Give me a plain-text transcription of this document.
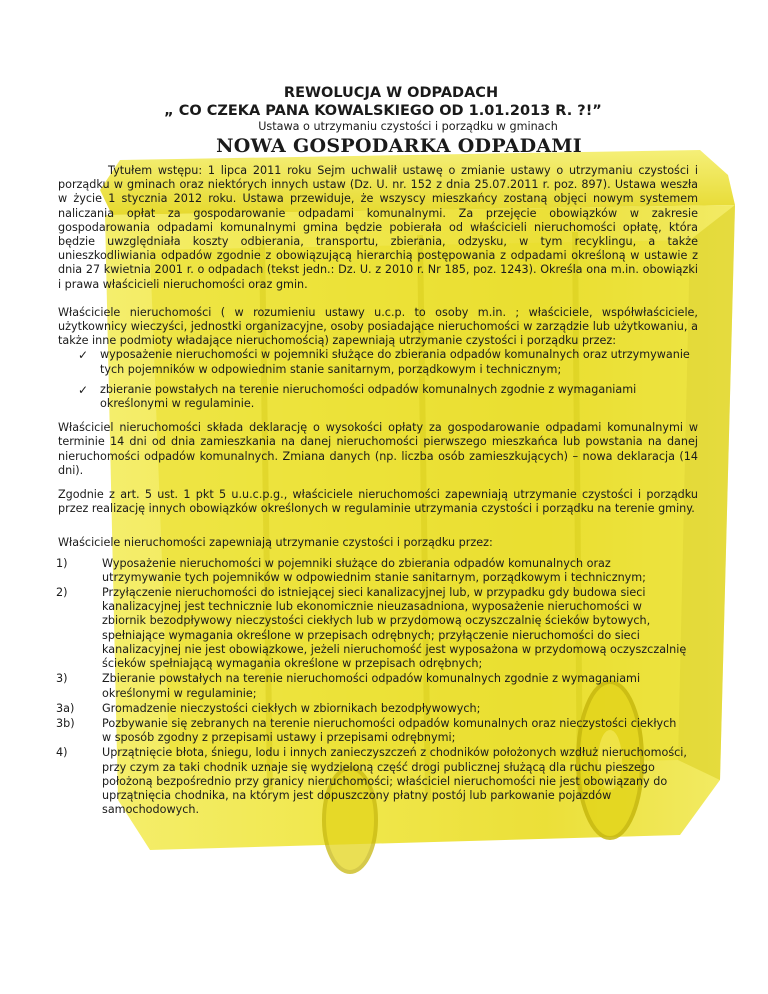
REWOLUCJA W ODPADACH
„ CO CZEKA PANA KOWALSKIEGO OD 1.01.2013 R. ?!”
Ustawa o utrzymaniu czystości i porządku w gminach
NOWA GOSPODARKA ODPADAMI

Tytułem wstępu: 1 lipca 2011 roku Sejm uchwalił ustawę o zmianie ustawy o utrzymaniu czystości i porządku w gminach oraz niektórych innych ustaw (Dz. U. nr. 152 z dnia 25.07.2011 r. poz. 897). Ustawa weszła w życie 1 stycznia 2012 roku. Ustawa przewiduje, że wszyscy mieszkańcy zostaną objęci nowym systemem naliczania opłat za gospodarowanie odpadami komunalnymi. Za przejęcie obowiązków w zakresie gospodarowania odpadami komunalnymi gmina będzie pobierała od właścicieli nieruchomości opłatę, która będzie uwzględniała koszty odbierania, transportu, zbierania, odzysku, w tym recyklingu, a także unieszkodliwiania odpadów zgodnie z obowiązującą hierarchią postępowania z odpadami określoną w ustawie z dnia 27 kwietnia 2001 r. o odpadach (tekst jedn.: Dz. U. z 2010 r. Nr 185, poz. 1243). Określa ona m.in. obowiązki i prawa właścicieli nieruchomości oraz gmin.

Właściciele nieruchomości ( w rozumieniu ustawy u.c.p. to osoby m.in. ; właściciele, współwłaściciele, użytkownicy wieczyści, jednostki organizacyjne, osoby posiadające nieruchomości w zarządzie lub użytkowaniu, a także inne podmioty władające nieruchomością) zapewniają utrzymanie czystości i porządku przez:

✓	wyposażenie nieruchomości w pojemniki służące do zbierania odpadów komunalnych oraz utrzymywanie tych pojemników w odpowiednim stanie sanitarnym, porządkowym i technicznym;
✓	zbieranie powstałych na terenie nieruchomości odpadów komunalnych zgodnie z wymaganiami określonymi w regulaminie.

Właściciel nieruchomości składa deklarację o wysokości opłaty za gospodarowanie odpadami komunalnymi w terminie 14 dni od dnia zamieszkania na danej nieruchomości pierwszego mieszkańca lub powstania na danej nieruchomości odpadów komunalnych. Zmiana danych (np. liczba osób zamieszkujących) – nowa deklaracja (14 dni).

Zgodnie z art. 5 ust. 1 pkt 5 u.u.c.p.g., właściciele nieruchomości zapewniają utrzymanie czystości i porządku przez realizację innych obowiązków określonych w regulaminie utrzymania czystości i porządku na terenie gminy.

Właściciele nieruchomości zapewniają utrzymanie czystości i porządku przez:

1)	Wyposażenie nieruchomości w pojemniki służące do zbierania odpadów komunalnych oraz utrzymywanie tych pojemników w odpowiednim stanie sanitarnym, porządkowym i technicznym;
2)	Przyłączenie nieruchomości do istniejącej sieci kanalizacyjnej lub, w przypadku gdy budowa sieci kanalizacyjnej jest technicznie lub ekonomicznie nieuzasadniona, wyposażenie nieruchomości w zbiornik bezodpływowy nieczystości ciekłych lub w przydomową oczyszczalnię ścieków bytowych, spełniające wymagania określone w przepisach odrębnych; przyłączenie nieruchomości do sieci kanalizacyjnej nie jest obowiązkowe, jeżeli nieruchomość jest wyposażona w przydomową oczyszczalnię ścieków spełniającą wymagania określone w przepisach odrębnych;
3)	Zbieranie powstałych na terenie nieruchomości odpadów komunalnych zgodnie z wymaganiami określonymi w regulaminie;
3a)	Gromadzenie nieczystości ciekłych w zbiornikach bezodpływowych;
3b)	Pozbywanie się zebranych na terenie nieruchomości odpadów komunalnych oraz nieczystości ciekłych w sposób zgodny z przepisami ustawy i przepisami odrębnymi;
4)	Uprzątnięcie błota, śniegu, lodu i innych zanieczyszczeń z chodników położonych wzdłuż nieruchomości, przy czym za taki chodnik uznaje się wydzieloną część drogi publicznej służącą dla ruchu pieszego położoną bezpośrednio przy granicy nieruchomości; właściciel nieruchomości nie jest obowiązany do uprzątnięcia chodnika, na którym jest dopuszczony płatny postój lub parkowanie pojazdów samochodowych.
